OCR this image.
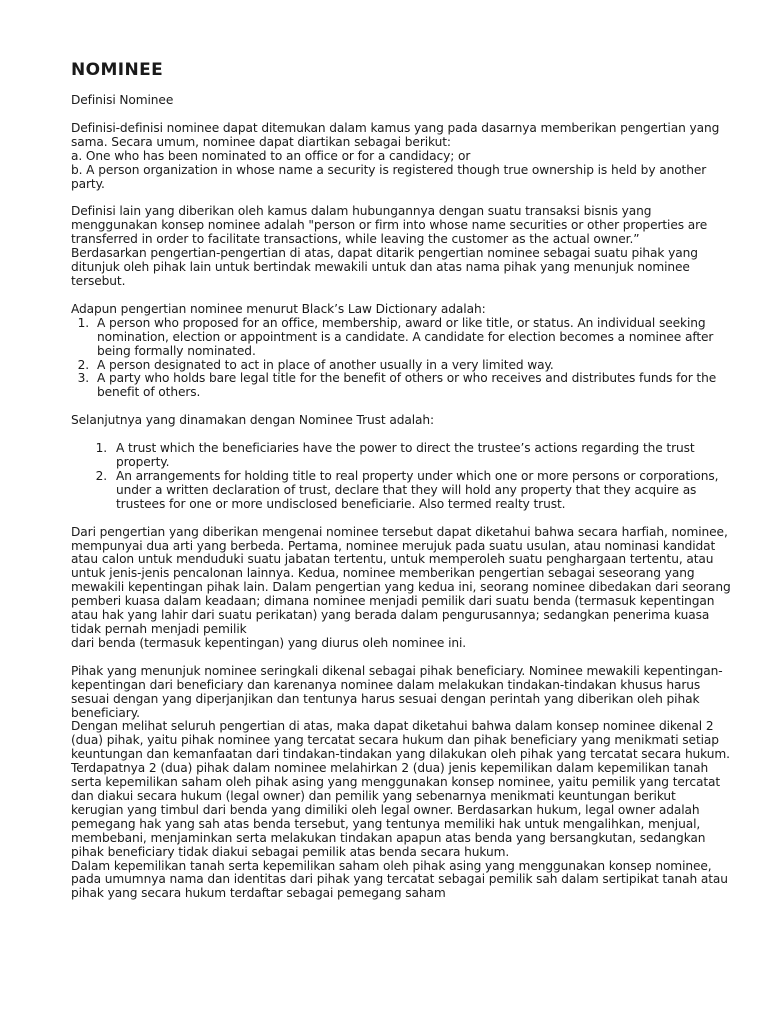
NOMINEE

Definisi Nominee

Definisi-definisi nominee dapat ditemukan dalam kamus yang pada dasarnya memberikan pengertian yang sama. Secara umum, nominee dapat diartikan sebagai berikut:

a. One who has been nominated to an office or for a candidacy; or

b. A person organization in whose name a security is registered though true ownership is held by another party.

Definisi lain yang diberikan oleh kamus dalam hubungannya dengan suatu transaksi bisnis yang menggunakan konsep nominee adalah "person or firm into whose name securities or other properties are transferred in order to facilitate transactions, while leaving the customer as the actual owner.”

Berdasarkan pengertian-pengertian di atas, dapat ditarik pengertian nominee sebagai suatu pihak yang ditunjuk oleh pihak lain untuk bertindak mewakili untuk dan atas nama pihak yang menunjuk nominee tersebut.

Adapun pengertian nominee menurut Black’s Law Dictionary adalah:

1. A person who proposed for an office, membership, award or like title, or status. An individual seeking nomination, election or appointment is a candidate. A candidate for election becomes a nominee after being formally nominated.
2. A person designated to act in place of another usually in a very limited way.
3. A party who holds bare legal title for the benefit of others or who receives and distributes funds for the benefit of others.

Selanjutnya yang dinamakan dengan Nominee Trust adalah:

1. A trust which the beneficiaries have the power to direct the trustee’s actions regarding the trust property.
2. An arrangements for holding title to real property under which one or more persons or corporations, under a written declaration of trust, declare that they will hold any property that they acquire as trustees for one or more undisclosed beneficiarie. Also termed realty trust.

Dari pengertian yang diberikan mengenai nominee tersebut dapat diketahui bahwa secara harfiah, nominee, mempunyai dua arti yang berbeda. Pertama, nominee merujuk pada suatu usulan, atau nominasi kandidat atau calon untuk menduduki suatu jabatan tertentu, untuk memperoleh suatu penghargaan tertentu, atau untuk jenis-jenis pencalonan lainnya. Kedua, nominee memberikan pengertian sebagai seseorang yang mewakili kepentingan pihak lain. Dalam pengertian yang kedua ini, seorang nominee dibedakan dari seorang pemberi kuasa dalam keadaan; dimana nominee menjadi pemilik dari suatu benda (termasuk kepentingan atau hak yang lahir dari suatu perikatan) yang berada dalam pengurusannya; sedangkan penerima kuasa tidak pernah menjadi pemilik

dari benda (termasuk kepentingan) yang diurus oleh nominee ini.

Pihak yang menunjuk nominee seringkali dikenal sebagai pihak beneficiary. Nominee mewakili kepentingan-kepentingan dari beneficiary dan karenanya nominee dalam melakukan tindakan-tindakan khusus harus sesuai dengan yang diperjanjikan dan tentunya harus sesuai dengan perintah yang diberikan oleh pihak beneficiary.

Dengan melihat seluruh pengertian di atas, maka dapat diketahui bahwa dalam konsep nominee dikenal 2 (dua) pihak, yaitu pihak nominee yang tercatat secara hukum dan pihak beneficiary yang menikmati setiap keuntungan dan kemanfaatan dari tindakan-tindakan yang dilakukan oleh pihak yang tercatat secara hukum. Terdapatnya 2 (dua) pihak dalam nominee melahirkan 2 (dua) jenis kepemilikan dalam kepemilikan tanah serta kepemilikan saham oleh pihak asing yang menggunakan konsep nominee, yaitu pemilik yang tercatat dan diakui secara hukum (legal owner) dan pemilik yang sebenarnya menikmati keuntungan berikut

kerugian yang timbul dari benda yang dimiliki oleh legal owner. Berdasarkan hukum, legal owner adalah pemegang hak yang sah atas benda tersebut, yang tentunya memiliki hak untuk mengalihkan, menjual, membebani, menjaminkan serta melakukan tindakan apapun atas benda yang bersangkutan, sedangkan pihak beneficiary tidak diakui sebagai pemilik atas benda secara hukum.

Dalam kepemilikan tanah serta kepemilikan saham oleh pihak asing yang menggunakan konsep nominee, pada umumnya nama dan identitas dari pihak yang tercatat sebagai pemilik sah dalam sertipikat tanah atau pihak yang secara hukum terdaftar sebagai pemegang saham
